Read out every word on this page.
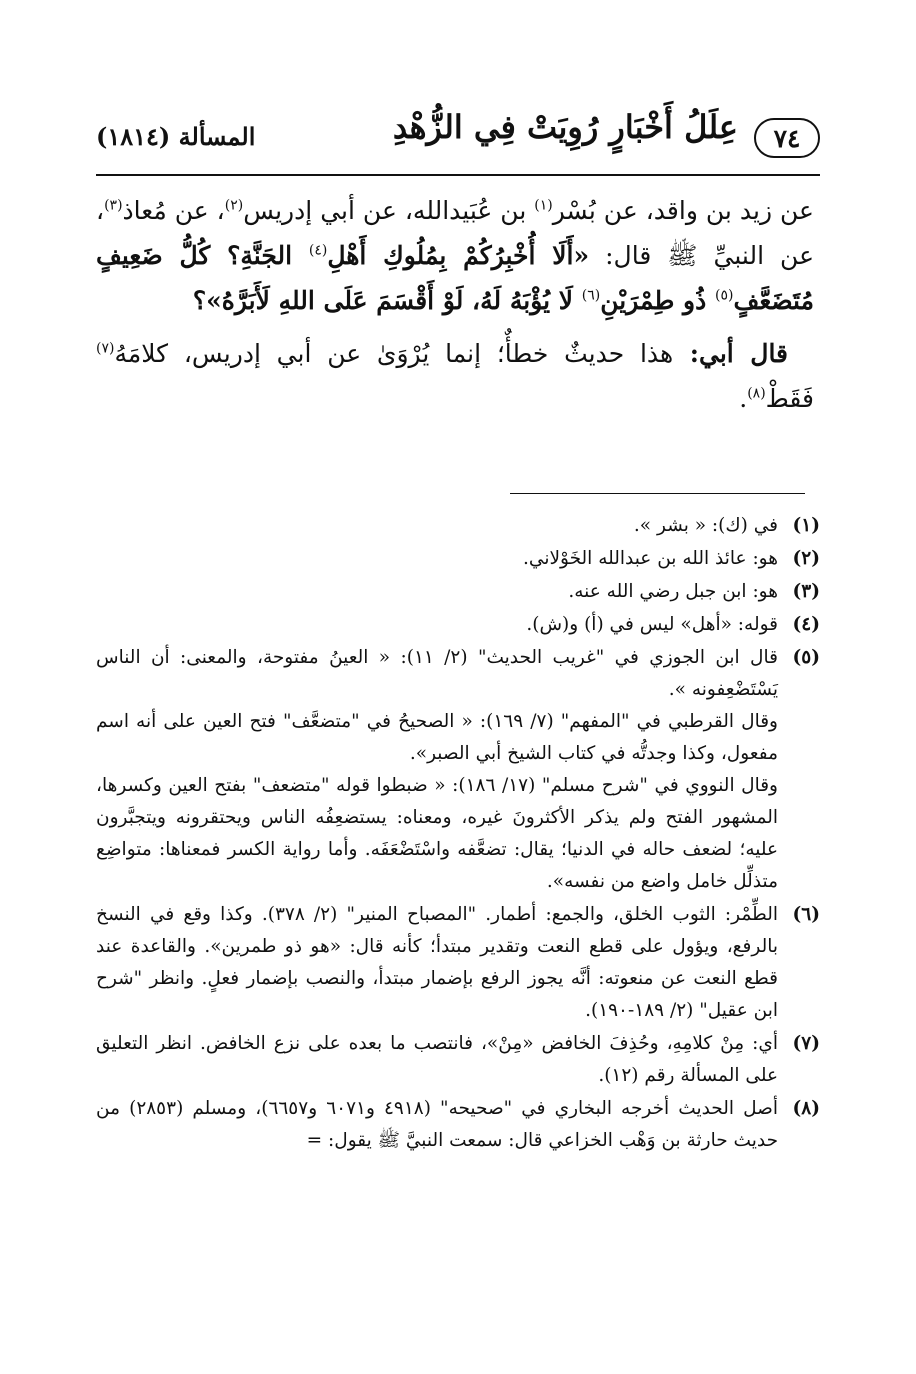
٧٤
عِلَلُ أَخْبَارٍ رُوِيَتْ فِي الزُّهْدِ
المسألة (١٨١٤)

عن زيد بن واقد، عن بُسْر$^{(١)}$ بن عُبَيدالله، عن أبي إدريس$^{(٢)}$، عن مُعاذ$^{(٣)}$، عن النبيِّ ﷺ قال: «أَلَا أُخْبِرُكُمْ بِمُلُوكِ أَهْلِ$^{(٤)}$ الجَنَّةِ؟ كُلُّ ضَعِيفٍ مُتَضَعَّفٍ$^{(٥)}$ ذُو طِمْرَيْنِ$^{(٦)}$ لَا يُؤْبَهُ لَهُ، لَوْ أَقْسَمَ عَلَى اللهِ لَأَبَرَّهُ»؟

قال أبي: هذا حديثٌ خطأٌ؛ إنما يُرْوَىٰ عن أبي إدريس، كلامَهُ$^{(٧)}$ فَقَطْ$^{(٨)}$.

(١)

في (ك): « بشر ».

(٢)

هو: عائذ الله بن عبدالله الخَوْلاني.

(٣)

هو: ابن جبل رضي الله عنه.

(٤)

قوله: «أهل» ليس في (أ) و(ش).

(٥)

قال ابن الجوزي في "غريب الحديث" (٢/ ١١): « العينُ مفتوحة، والمعنى: أن الناس يَسْتَضْعِفونه ».

وقال القرطبي في "المفهم" (٧/ ١٦٩): « الصحيحُ في "متضعَّف" فتح العين على أنه اسم مفعول، وكذا وجدتُّه في كتاب الشيخ أبي الصبر».

وقال النووي في "شرح مسلم" (١٧/ ١٨٦): « ضبطوا قوله "متضعف" بفتح العين وكسرها، المشهور الفتح ولم يذكر الأكثرونَ غيره، ومعناه: يستضعِفُه الناس ويحتقرونه ويتجبَّرون عليه؛ لضعف حاله في الدنيا؛ يقال: تضعَّفه واسْتَضْعَفَه. وأما رواية الكسر فمعناها: متواضِع متذلِّل خامل واضع من نفسه».

(٦)

الطِّمْر: الثوب الخلق، والجمع: أطمار. "المصباح المنير" (٢/ ٣٧٨). وكذا وقع في النسخ بالرفع، ويؤول على قطع النعت وتقدير مبتدأ؛ كأنه قال: «هو ذو طمرين». والقاعدة عند قطع النعت عن منعوته: أنَّه يجوز الرفع بإضمار مبتدأ، والنصب بإضمار فعلٍ. وانظر "شرح ابن عقيل" (٢/ ١٨٩-١٩٠).

(٧)

أي: مِنْ كلامِهِ، وحُذِفَ الخافض «مِنْ»، فانتصب ما بعده على نزع الخافض. انظر التعليق على المسألة رقم (١٢).

(٨)

أصل الحديث أخرجه البخاري في "صحيحه" (٤٩١٨ و٦٠٧١ و٦٦٥٧)، ومسلم (٢٨٥٣) من حديث حارثة بن وَهْب الخزاعي قال: سمعت النبيَّ ﷺ يقول: =
